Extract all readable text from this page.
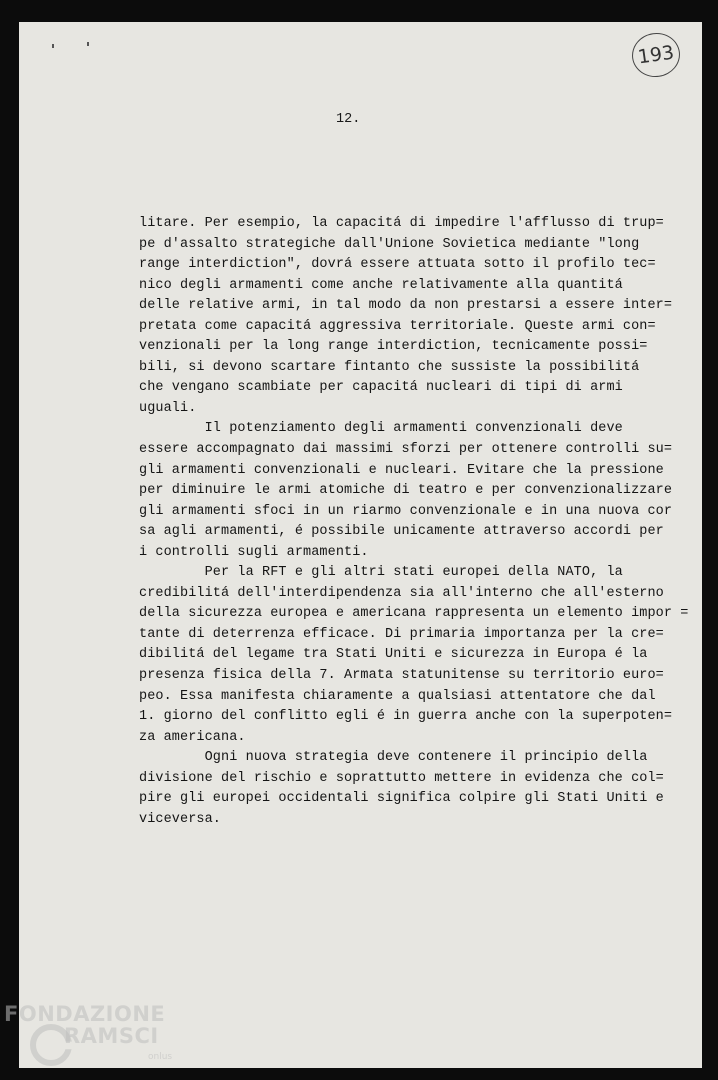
193
12.
litare. Per esempio, la capacitá di impedire l'afflusso di trup=
pe d'assalto strategiche dall'Unione Sovietica mediante "long
range interdiction", dovrá essere attuata sotto il profilo tec=
nico degli armamenti come anche relativamente alla quantitá
delle relative armi, in tal modo da non prestarsi a essere inter=
pretata come capacitá aggressiva territoriale. Queste armi con=
venzionali per la long range interdiction, tecnicamente possi=
bili, si devono scartare fintanto che sussiste la possibilitá
che vengano scambiate per capacitá nucleari di tipi di armi
uguali.
Il potenziamento degli armamenti convenzionali deve
essere accompagnato dai massimi sforzi per ottenere controlli su=
gli armamenti convenzionali e nucleari. Evitare che la pressione
per diminuire le armi atomiche di teatro e per convenzionalizzare
gli armamenti sfoci in un riarmo convenzionale e in una nuova cor
sa agli armamenti, é possibile unicamente attraverso accordi per
i controlli sugli armamenti.
Per la RFT e gli altri stati europei della NATO, la
credibilitá dell'interdipendenza sia all'interno che all'esterno
della sicurezza europea e americana rappresenta un elemento impor =
tante di deterrenza efficace. Di primaria importanza per la cre=
dibilitá del legame tra Stati Uniti e sicurezza in Europa é la
presenza fisica della 7. Armata statunitense su territorio euro=
peo. Essa manifesta chiaramente a qualsiasi attentatore che dal
1. giorno del conflitto egli é in guerra anche con la superpoten=
za americana.
Ogni nuova strategia deve contenere il principio della
divisione del rischio e soprattutto mettere in evidenza che col=
pire gli europei occidentali significa colpire gli Stati Uniti e
viceversa.
FONDAZIONE
RAMSCI
onlus
